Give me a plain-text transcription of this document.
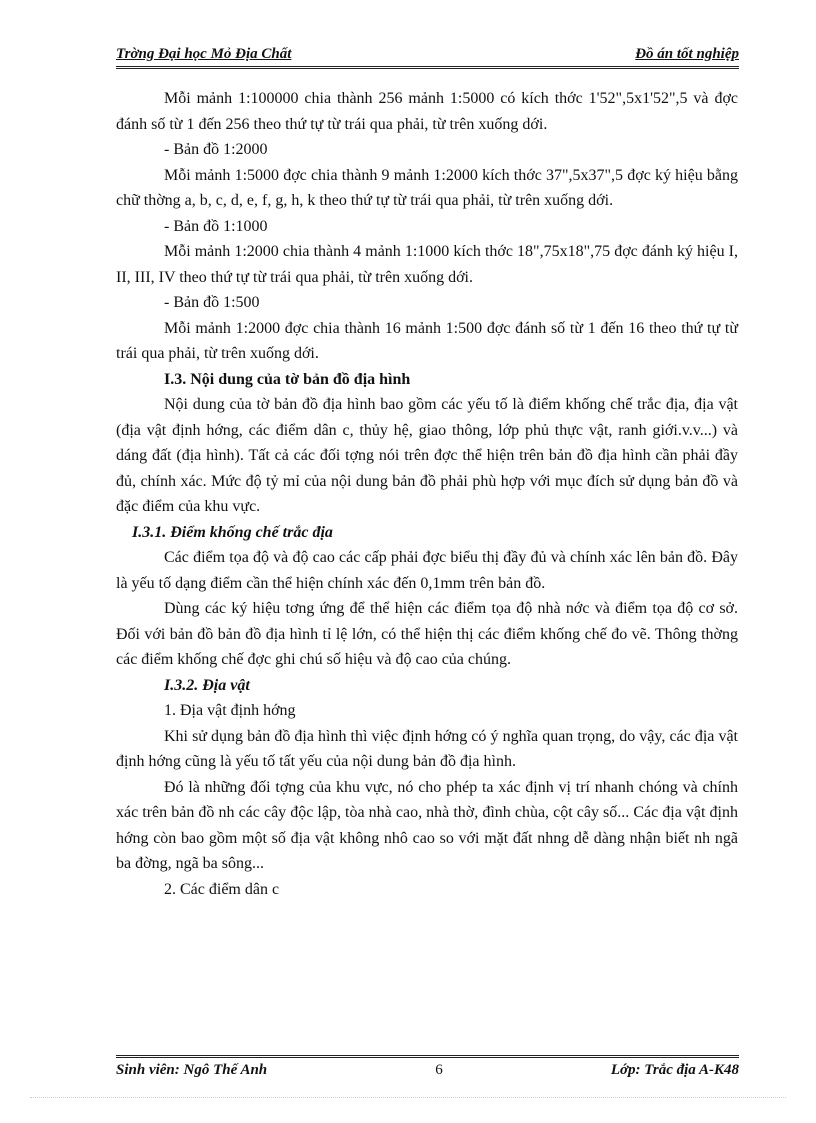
Trờng Đại học Mỏ Địa Chất	Đồ án tốt nghiệp

Mỗi mảnh 1:100000 chia thành 256 mảnh 1:5000 có kích thớc 1'52",5x1'52",5 và đợc đánh số từ 1 đến 256 theo thứ tự từ trái qua phải, từ trên xuống dới.

- Bản đồ 1:2000

Mỗi mảnh 1:5000 đợc chia thành 9 mảnh 1:2000 kích thớc 37",5x37",5 đợc ký hiệu bằng chữ thờng a, b, c, d, e, f, g, h, k theo thứ tự từ trái qua phải, từ trên xuống dới.

- Bản đồ 1:1000

Mỗi mảnh 1:2000 chia thành 4 mảnh 1:1000 kích thớc 18",75x18",75 đợc đánh ký hiệu I, II, III, IV theo thứ tự từ trái qua phải, từ trên xuống dới.

- Bản đồ 1:500

Mỗi mảnh 1:2000 đợc chia thành 16 mảnh 1:500 đợc đánh số từ 1 đến 16 theo thứ tự từ trái qua phải, từ trên xuống dới.

I.3. Nội dung của tờ bản đồ địa hình

Nội dung của tờ bản đồ địa hình bao gồm các yếu tố là điểm khống chế trắc địa, địa vật (địa vật định hớng, các điểm dân c, thủy hệ, giao thông, lớp phủ thực vật, ranh giới.v.v...) và dáng đất (địa hình). Tất cả các đối tợng nói trên đợc thể hiện trên bản đồ địa hình cần phải đầy đủ, chính xác. Mức độ tỷ mỉ của nội dung bản đồ phải phù hợp với mục đích sử dụng bản đồ và đặc điểm của khu vực.

I.3.1. Điểm khống chế trắc địa

Các điểm tọa độ và độ cao các cấp phải đợc biểu thị đầy đủ và chính xác lên bản đồ. Đây là yếu tố dạng điểm cần thể hiện chính xác đến 0,1mm trên bản đồ.

Dùng các ký hiệu tơng ứng để thể hiện các điểm tọa độ nhà nớc và điểm tọa độ cơ sở. Đối với bản đồ bản đồ địa hình tỉ lệ lớn, có thể hiện thị các điểm khống chế đo vẽ. Thông thờng các điểm khống chế đợc ghi chú số hiệu và độ cao của chúng.

I.3.2. Địa vật

1. Địa vật định hớng

Khi sử dụng bản đồ địa hình thì việc định hớng có ý nghĩa quan trọng, do vậy, các địa vật định hớng cũng là yếu tố tất yếu của nội dung bản đồ địa hình.

Đó là những đối tợng của khu vực, nó cho phép ta xác định vị trí nhanh chóng và chính xác trên bản đồ nh các cây độc lập, tòa nhà cao, nhà thờ, đình chùa, cột cây số... Các địa vật định hớng còn bao gồm một số địa vật không nhô cao so với mặt đất nhng dễ dàng nhận biết nh ngã ba đờng, ngã ba sông...

2. Các điểm dân c

Sinh viên: Ngô Thế Anh	6	Lớp: Trắc địa A-K48
